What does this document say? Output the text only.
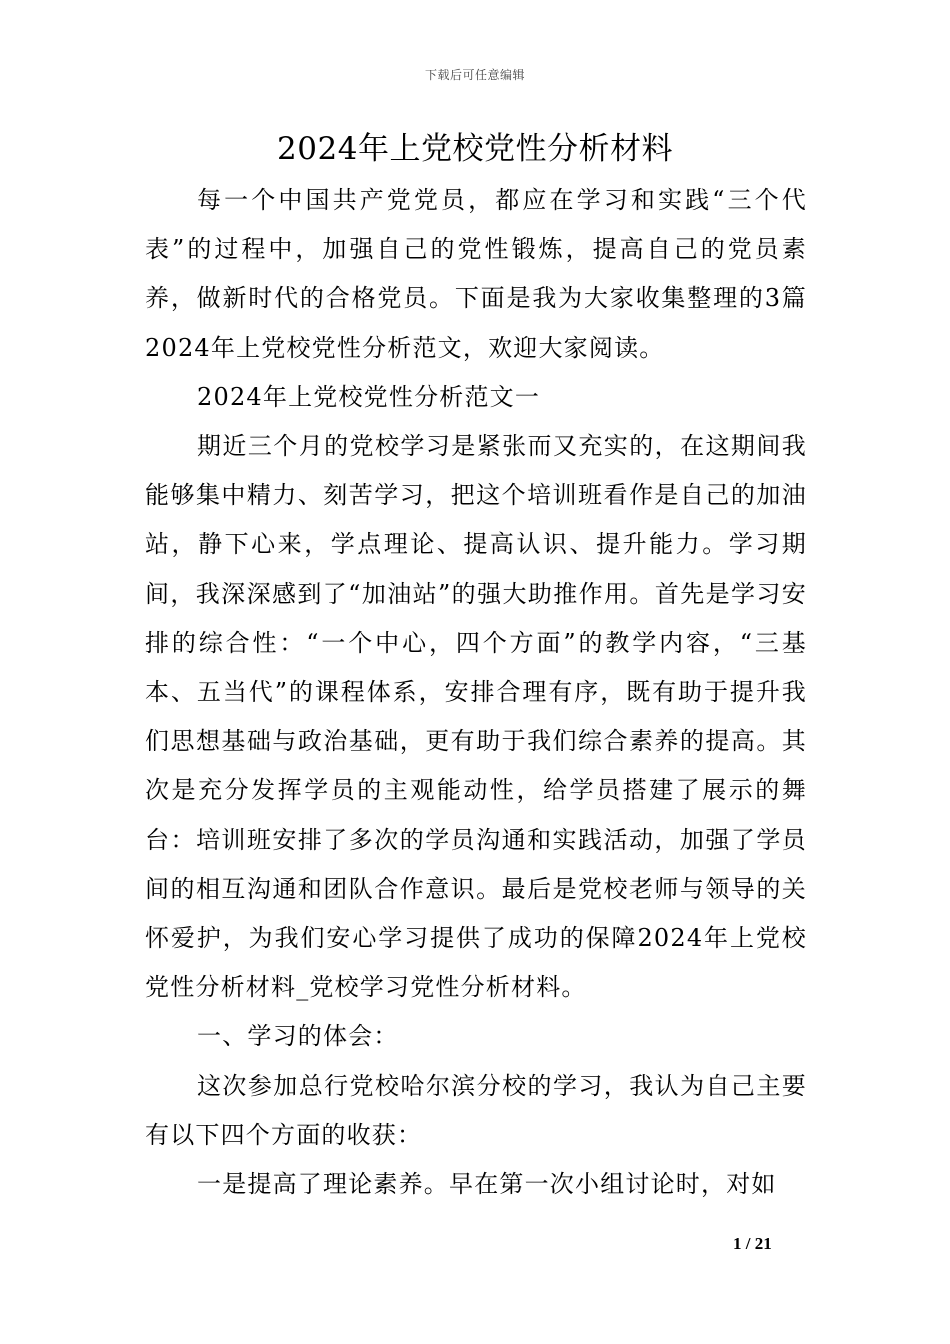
下载后可任意编辑
2024年上党校党性分析材料

每一个中国共产党党员，都应在学习和实践“三个代表”的过程中，加强自己的党性锻炼，提高自己的党员素养，做新时代的合格党员。下面是我为大家收集整理的3篇2024年上党校党性分析范文，欢迎大家阅读。

2024年上党校党性分析范文一

期近三个月的党校学习是紧张而又充实的，在这期间我能够集中精力、刻苦学习，把这个培训班看作是自己的加油站，静下心来，学点理论、提高认识、提升能力。学习期间，我深深感到了“加油站”的强大助推作用。首先是学习安排的综合性：“一个中心，四个方面”的教学内容，“三基本、五当代”的课程体系，安排合理有序，既有助于提升我们思想基础与政治基础，更有助于我们综合素养的提高。其次是充分发挥学员的主观能动性，给学员搭建了展示的舞台：培训班安排了多次的学员沟通和实践活动，加强了学员间的相互沟通和团队合作意识。最后是党校老师与领导的关怀爱护，为我们安心学习提供了成功的保障2024年上党校党性分析材料_党校学习党性分析材料。

一、学习的体会：

这次参加总行党校哈尔滨分校的学习，我认为自己主要有以下四个方面的收获：

一是提高了理论素养。早在第一次小组讨论时，对如

1 / 21
